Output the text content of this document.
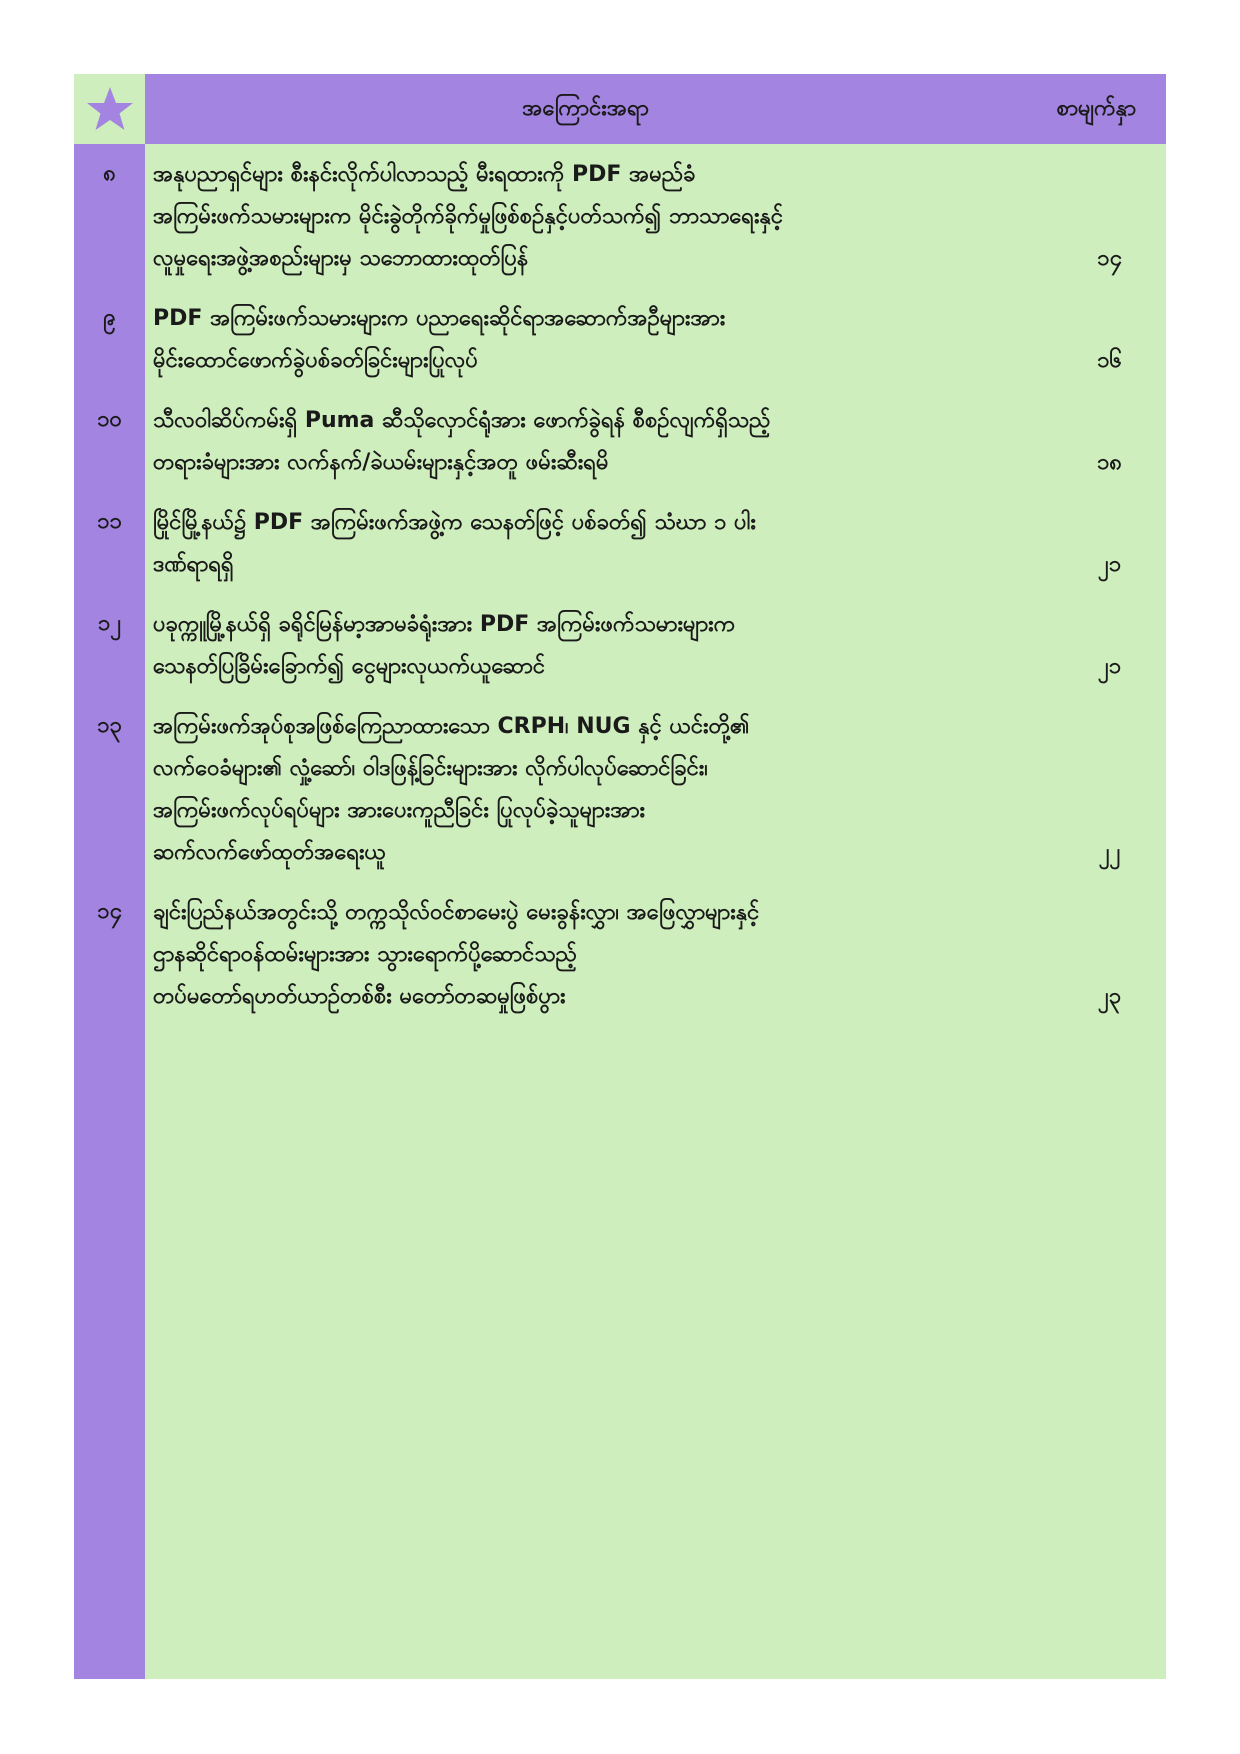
အကြောင်းအရာ	စာမျက်နှာ
၈	အနုပညာရှင်များ စီးနင်းလိုက်ပါလာသည့် မီးရထားကို PDF အမည်ခံ
အကြမ်းဖက်သမားများက မိုင်းခွဲတိုက်ခိုက်မှုဖြစ်စဉ်နှင့်ပတ်သက်၍ ဘာသာရေးနှင့်
လူမှုရေးအဖွဲ့အစည်းများမှ သဘောထားထုတ်ပြန်	၁၄
၉	PDF အကြမ်းဖက်သမားများက ပညာရေးဆိုင်ရာအဆောက်အဦများအား
မိုင်းထောင်ဖောက်ခွဲပစ်ခတ်ခြင်းများပြုလုပ်	၁၆
၁၀	သီလဝါဆိပ်ကမ်းရှိ Puma ဆီသိုလှောင်ရုံအား ဖောက်ခွဲရန် စီစဉ်လျက်ရှိသည့်
တရားခံများအား လက်နက်/ခဲယမ်းများနှင့်အတူ ဖမ်းဆီးရမိ	၁၈
၁၁	မြိုင်မြို့နယ်၌ PDF အကြမ်းဖက်အဖွဲ့က သေနတ်ဖြင့် ပစ်ခတ်၍ သံဃာ ၁ ပါး
ဒဏ်ရာရရှိ	၂၁
၁၂	ပခုက္ကူမြို့နယ်ရှိ ခရိုင်မြန်မာ့အာမခံရုံးအား PDF အကြမ်းဖက်သမားများက
သေနတ်ပြခြိမ်းခြောက်၍ ငွေများလုယက်ယူဆောင်	၂၁
၁၃	အကြမ်းဖက်အုပ်စုအဖြစ်ကြေညာထားသော CRPH၊ NUG နှင့် ယင်းတို့၏
လက်ဝေခံများ၏ လှုံ့ဆော်၊ ဝါဒဖြန့်ခြင်းများအား လိုက်ပါလုပ်ဆောင်ခြင်း၊
အကြမ်းဖက်လုပ်ရပ်များ အားပေးကူညီခြင်း ပြုလုပ်ခဲ့သူများအား
ဆက်လက်ဖော်ထုတ်အရေးယူ	၂၂
၁၄	ချင်းပြည်နယ်အတွင်းသို့ တက္ကသိုလ်ဝင်စာမေးပွဲ မေးခွန်းလွှာ၊ အဖြေလွှာများနှင့်
ဌာနဆိုင်ရာဝန်ထမ်းများအား သွားရောက်ပို့ဆောင်သည့်
တပ်မတော်ရဟတ်ယာဉ်တစ်စီး မတော်တဆမှုဖြစ်ပွား	၂၃
